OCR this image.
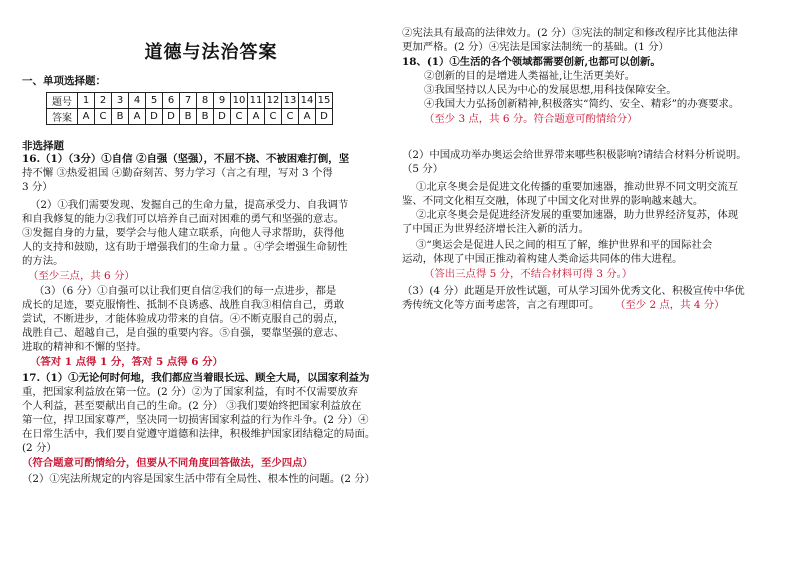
道德与法治答案
一、单项选择题：
题号	1	2	3	4	5	6	7	8	9	10	11	12	13	14	15
答案	A	C	B	A	D	D	B	B	D	C	A	C	C	A	D
非选择题
16.（1）（3分）①自信 ②自强（坚强），不屈不挠、不被困难打倒，坚
持不懈 ③热爱祖国 ④勤奋刻苦、努力学习（言之有理，写对 3 个得
3 分）
（2）①我们需要发现、发掘自己的生命力量，提高承受力、自我调节
和自我修复的能力②我们可以培养自己面对困难的勇气和坚强的意志。
③发掘自身的力量，要学会与他人建立联系，向他人寻求帮助，获得他
人的支持和鼓励，这有助于增强我们的生命力量 。④学会增强生命韧性
的方法。
（至少三点，共 6 分）
（3）（6 分）①自强可以让我们更自信②我们的每一点进步，都是
成长的足迹，要克服惰性、抵制不良诱惑、战胜自我③相信自己，勇敢
尝试，不断进步，才能体验成功带来的自信。④不断克服自己的弱点，
战胜自己、超越自己，是自强的重要内容。⑤自强，要靠坚强的意志、
进取的精神和不懈的坚持。
（答对 1 点得 1 分，答对 5 点得 6 分）
17.（1）①无论何时何地，我们都应当着眼长远、顾全大局，以国家利益为
重，把国家利益放在第一位。(2 分）②为了国家利益，有时不仅需要放弃
个人利益，甚至要献出自己的生命。(2 分） ③我们要始终把国家利益放在
第一位，捍卫国家尊严，坚决同一切损害国家利益的行为作斗争。(2 分）④
在日常生活中，我们要自觉遵守道德和法律，积极维护国家团结稳定的局面。
(2 分）
（符合题意可酌情给分，但要从不同角度回答做法，至少四点）
（2）①宪法所规定的内容是国家生活中带有全局性、根本性的问题。(2 分）
②宪法具有最高的法律效力。(2 分）③宪法的制定和修改程序比其他法律
更加严格。(2 分）④宪法是国家法制统一的基础。(1 分）
18、(1）①生活的各个领域都需要创新,也都可以创新。
②创新的目的是增进人类福祉,让生活更美好。
③我国坚持以人民为中心的发展思想,用科技保障安全。
④我国大力弘扬创新精神,积极落实“简约、安全、精彩”的办赛要求。
（至少 3 点，共 6 分。符合题意可酌情给分）
（2）中国成功举办奥运会给世界带来哪些积极影响?请结合材料分析说明。
（5 分）
①北京冬奥会是促进文化传播的重要加速器，推动世界不同文明交流互
鉴、不同文化相互交融，体现了中国文化对世界的影响越来越大。
②北京冬奥会是促进经济发展的重要加速器，助力世界经济复苏，体现
了中国正为世界经济增长注入新的活力。
③“奥运会是促进人民之间的相互了解，维护世界和平的国际社会
运动，体现了中国正推动着构建人类命运共同体的伟大进程。
（答出三点得 5 分，不结合材料可得 3 分。）
（3）(4 分）此题是开放性试题，可从学习国外优秀文化、积极宣传中华优
秀传统文化等方面考虑答，言之有理即可。 （至少 2 点，共 4 分）
